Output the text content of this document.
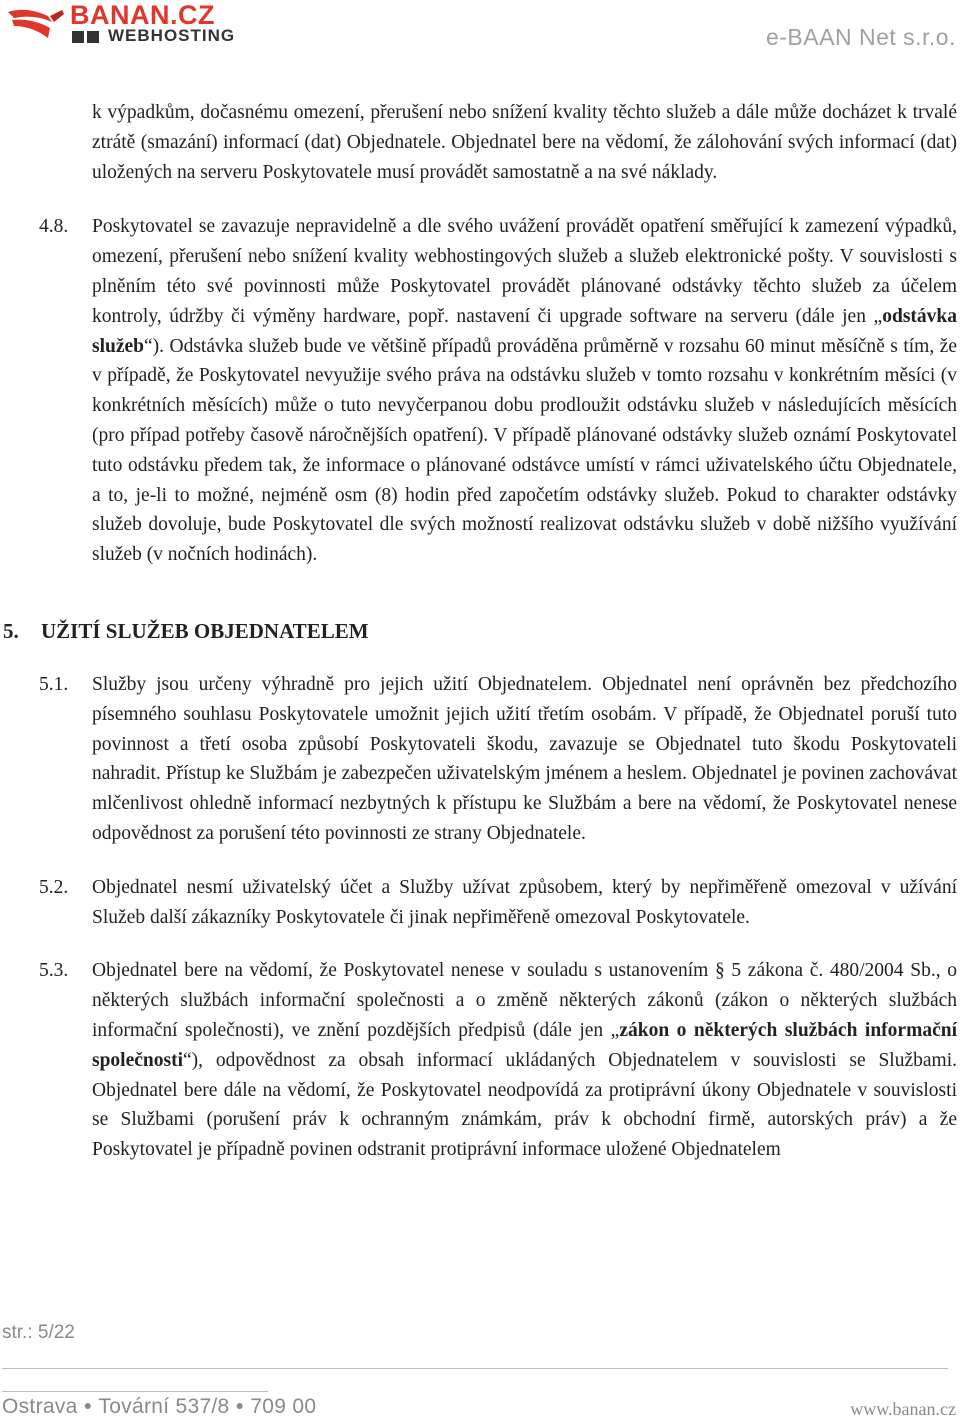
BANAN.CZ
WEBHOSTING	e-BAAN Net s.r.o.
k výpadkům, dočasnému omezení, přerušení nebo snížení kvality těchto služeb a dále může docházet k trvalé ztrátě (smazání) informací (dat) Objednatele. Objednatel bere na vědomí, že zálohování svých informací (dat) uložených na serveru Poskytovatele musí provádět samostatně a na své náklady.
4.8. Poskytovatel se zavazuje nepravidelně a dle svého uvážení provádět opatření směřující k zamezení výpadků, omezení, přerušení nebo snížení kvality webhostingových služeb a služeb elektronické pošty. V souvislosti s plněním této své povinnosti může Poskytovatel provádět plánované odstávky těchto služeb za účelem kontroly, údržby či výměny hardware, popř. nastavení či upgrade software na serveru (dále jen „odstávka služeb“). Odstávka služeb bude ve většině případů prováděna průměrně v rozsahu 60 minut měsíčně s tím, že v případě, že Poskytovatel nevyužije svého práva na odstávku služeb v tomto rozsahu v konkrétním měsíci (v konkrétních měsících) může o tuto nevyčerpanou dobu prodloužit odstávku služeb v následujících měsících (pro případ potřeby časově náročnějších opatření). V případě plánované odstávky služeb oznámí Poskytovatel tuto odstávku předem tak, že informace o plánované odstávce umístí v rámci uživatelského účtu Objednatele, a to, je-li to možné, nejméně osm (8) hodin před započetím odstávky služeb. Pokud to charakter odstávky služeb dovoluje, bude Poskytovatel dle svých možností realizovat odstávku služeb v době nižšího využívání služeb (v nočních hodinách).
5. UŽITÍ SLUŽEB OBJEDNATELEM
5.1. Služby jsou určeny výhradně pro jejich užití Objednatelem. Objednatel není oprávněn bez předchozího písemného souhlasu Poskytovatele umožnit jejich užití třetím osobám. V případě, že Objednatel poruší tuto povinnost a třetí osoba způsobí Poskytovateli škodu, zavazuje se Objednatel tuto škodu Poskytovateli nahradit. Přístup ke Službám je zabezpečen uživatelským jménem a heslem. Objednatel je povinen zachovávat mlčenlivost ohledně informací nezbytných k přístupu ke Službám a bere na vědomí, že Poskytovatel nenese odpovědnost za porušení této povinnosti ze strany Objednatele.
5.2. Objednatel nesmí uživatelský účet a Služby užívat způsobem, který by nepřiměřeně omezoval v užívání Služeb další zákazníky Poskytovatele či jinak nepřiměřeně omezoval Poskytovatele.
5.3. Objednatel bere na vědomí, že Poskytovatel nenese v souladu s ustanovením § 5 zákona č. 480/2004 Sb., o některých službách informační společnosti a o změně některých zákonů (zákon o některých službách informační společnosti), ve znění pozdějších předpisů (dále jen „zákon o některých službách informační společnosti“), odpovědnost za obsah informací ukládaných Objednatelem v souvislosti se Službami. Objednatel bere dále na vědomí, že Poskytovatel neodpovídá za protiprávní úkony Objednatele v souvislosti se Službami (porušení práv k ochranným známkám, práv k obchodní firmě, autorských práv) a že Poskytovatel je případně povinen odstranit protiprávní informace uložené Objednatelem
str.: 5/22
Ostrava ● Tovární 537/8 ● 709 00	www.banan.cz
